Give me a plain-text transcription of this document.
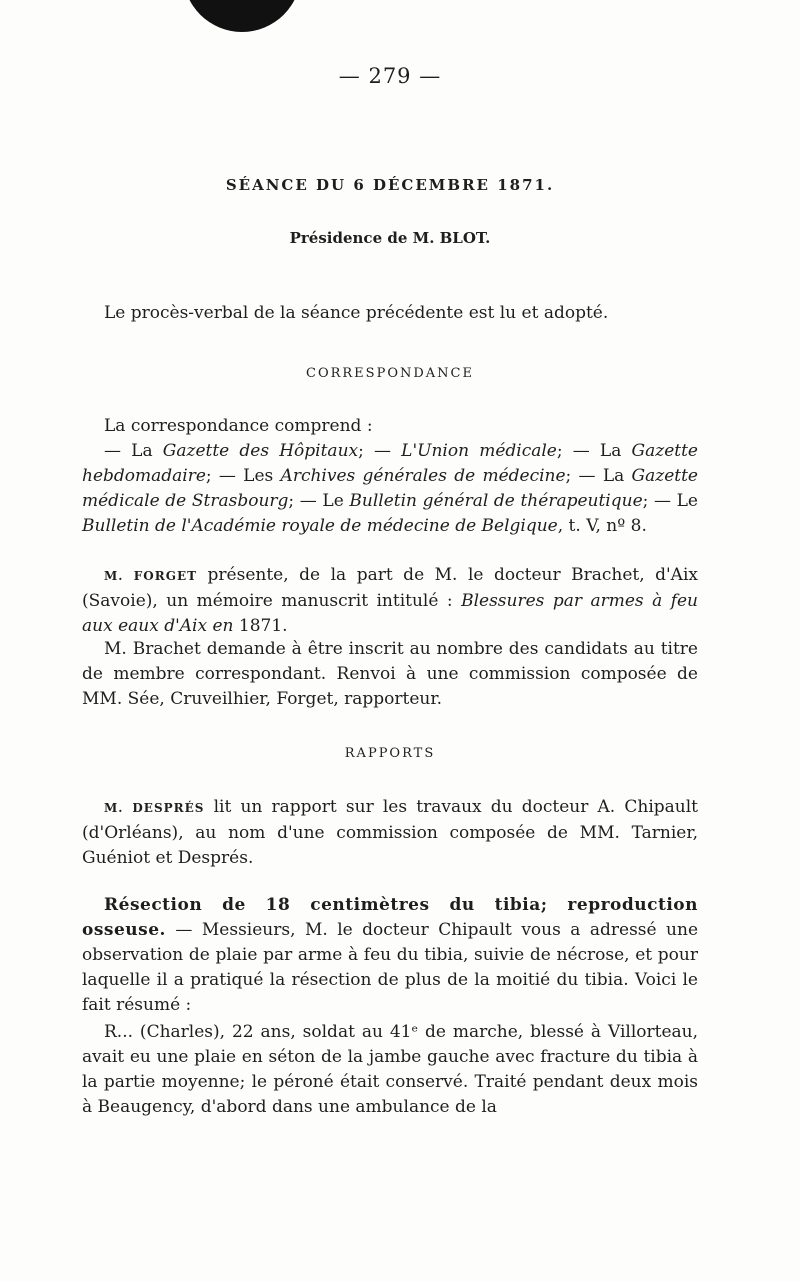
— 279 —
SÉANCE DU 6 DÉCEMBRE 1871.
Présidence de M. BLOT.
Le procès-verbal de la séance précédente est lu et adopté.
CORRESPONDANCE
La correspondance comprend :
— La Gazette des Hôpitaux; — L'Union médicale; — La Gazette hebdomadaire; — Les Archives générales de médecine; — La Gazette médicale de Strasbourg; — Le Bulletin général de thérapeutique; — Le Bulletin de l'Académie royale de médecine de Belgique, t. V, nº 8.
M. FORGET présente, de la part de M. le docteur Brachet, d'Aix (Savoie), un mémoire manuscrit intitulé : Blessures par armes à feu aux eaux d'Aix en 1871.
M. Brachet demande à être inscrit au nombre des candidats au titre de membre correspondant. Renvoi à une commission composée de MM. Sée, Cruveilhier, Forget, rapporteur.
RAPPORTS
M. DESPRÉS lit un rapport sur les travaux du docteur A. Chipault (d'Orléans), au nom d'une commission composée de MM. Tarnier, Guéniot et Després.
Résection de 18 centimètres du tibia; reproduction osseuse. — Messieurs, M. le docteur Chipault vous a adressé une observation de plaie par arme à feu du tibia, suivie de nécrose, et pour laquelle il a pratiqué la résection de plus de la moitié du tibia. Voici le fait résumé :
R... (Charles), 22 ans, soldat au 41ᵉ de marche, blessé à Villorteau, avait eu une plaie en séton de la jambe gauche avec fracture du tibia à la partie moyenne; le péroné était conservé. Traité pendant deux mois à Beaugency, d'abord dans une ambulance de la
